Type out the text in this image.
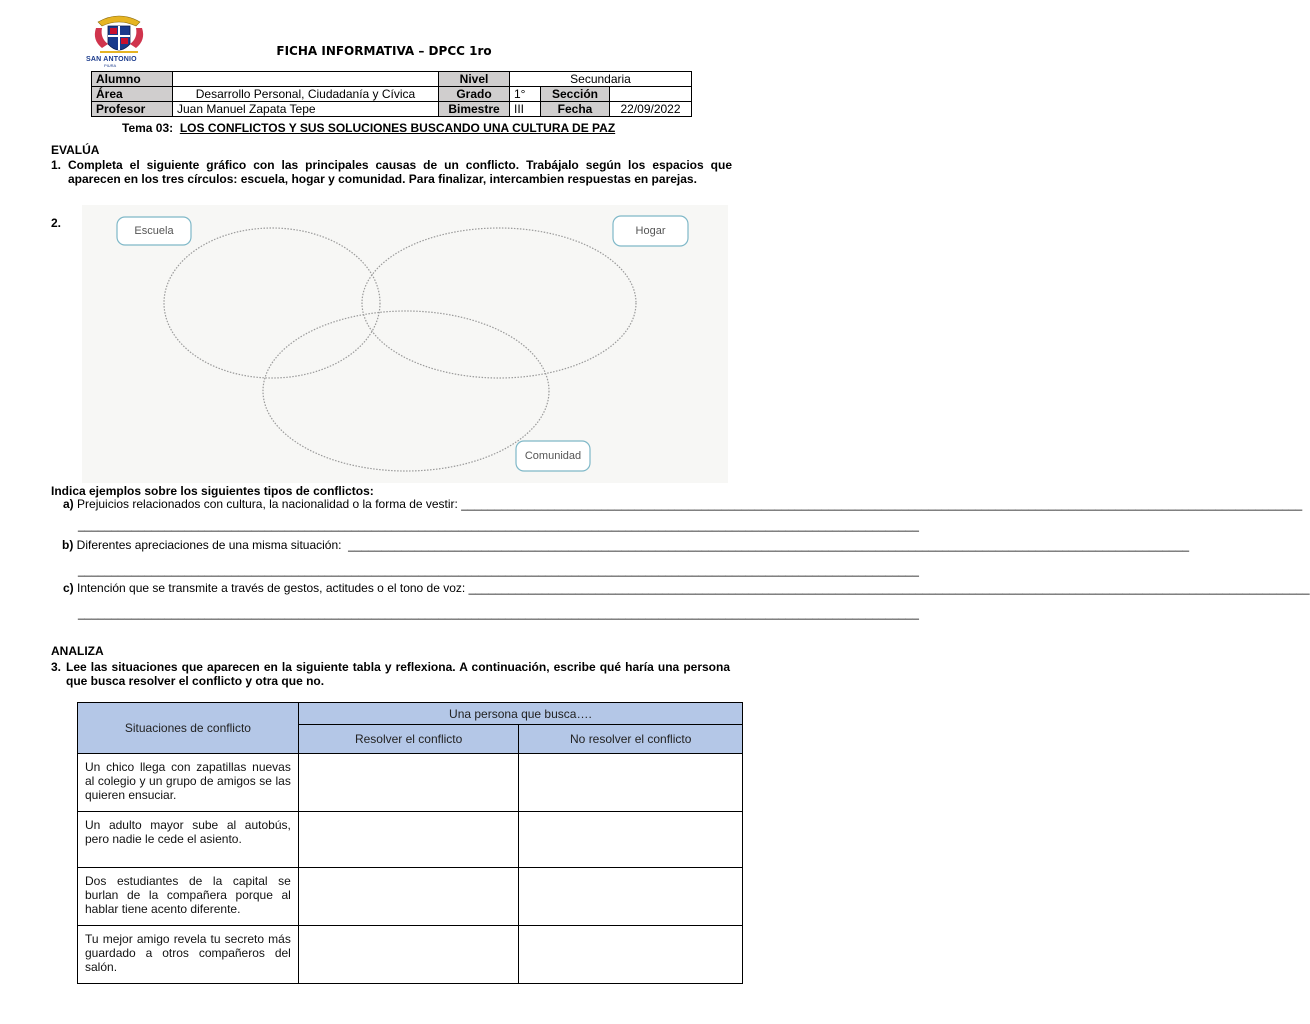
SAN ANTONIO
PIURA
FICHA INFORMATIVA – DPCC 1ro
Alumno		Nivel	Secundaria		
Área	Desarrollo Personal, Ciudadanía y Cívica	Grado	1°	Sección	
Profesor	Juan Manuel Zapata Tepe	Bimestre	III	Fecha	22/09/2022
Tema 03: LOS CONFLICTOS Y SUS SOLUCIONES BUSCANDO UNA CULTURA DE PAZ
EVALÚA
1. Completa el siguiente gráfico con las principales causas de un conflicto. Trabájalo según los espacios que aparecen en los tres círculos: escuela, hogar y comunidad. Para finalizar, intercambien respuestas en parejas.
2.
Escuela	Hogar
Comunidad
Indica ejemplos sobre los siguientes tipos de conflictos:
a) Prejuicios relacionados con cultura, la nacionalidad o la forma de vestir: ______________________________________________________________________________________________________________________________
______________________________________________________________________________________________________________________________
b) Diferentes apreciaciones de una misma situación: ______________________________________________________________________________________________________________________________
______________________________________________________________________________________________________________________________
c) Intención que se transmite a través de gestos, actitudes o el tono de voz: ______________________________________________________________________________________________________________________________
______________________________________________________________________________________________________________________________
ANALIZA
3. Lee las situaciones que aparecen en la siguiente tabla y reflexiona. A continuación, escribe qué haría una persona que busca resolver el conflicto y otra que no.
Situaciones de conflicto	Una persona que busca….	
	Resolver el conflicto	No resolver el conflicto
Un chico llega con zapatillas nuevas al colegio y un grupo de amigos se las quieren ensuciar.		
Un adulto mayor sube al autobús, pero nadie le cede el asiento.		
Dos estudiantes de la capital se burlan de la compañera porque al hablar tiene acento diferente.		
Tu mejor amigo revela tu secreto más guardado a otros compañeros del salón.		
